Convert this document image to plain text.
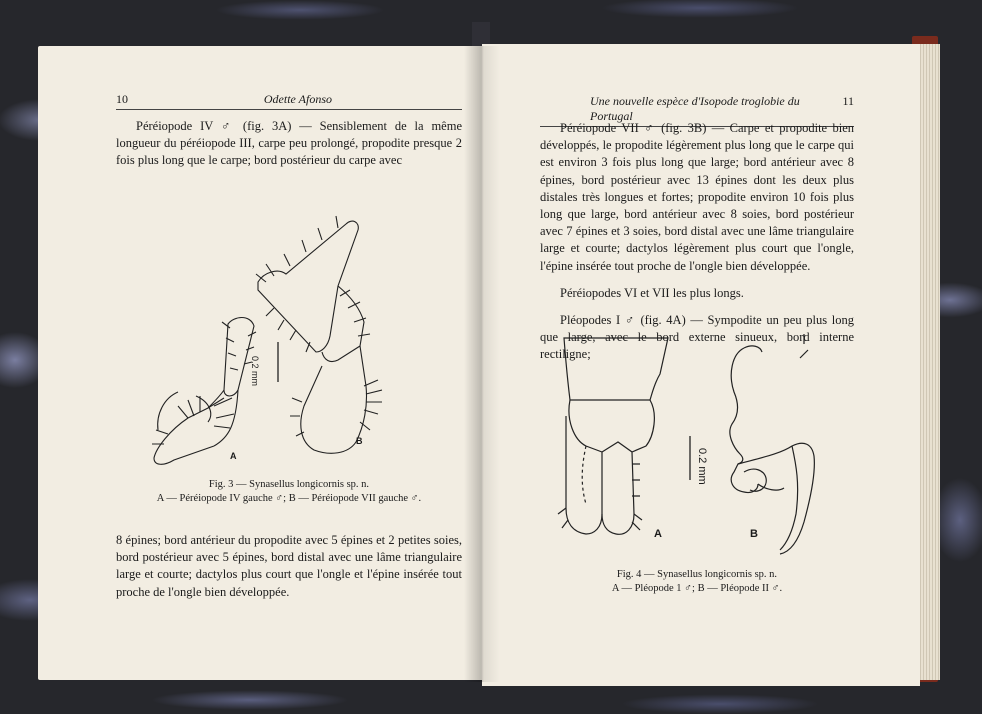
10	Odette Afonso

Péréiopode IV ♂ (fig. 3A) — Sensiblement de la même longueur du péréiopode III, carpe peu prolongé, propodite presque 2 fois plus long que le carpe; bord postérieur du carpe avec

0.2 mm
A
B
Fig. 3 — Synasellus longicornis sp. n.
A — Péréiopode IV gauche ♂; B — Péréiopode VII gauche ♂.

8 épines; bord antérieur du propodite avec 5 épines et 2 petites soies, bord postérieur avec 5 épines, bord distal avec une lâme triangulaire large et courte; dactylos plus court que l'ongle et l'épine insérée tout proche de l'ongle bien développée.

Une nouvelle espèce d'Isopode troglobie du Portugal
11

Péréiopode VII ♂ (fig. 3B) — Carpe et propodite bien développés, le propodite légèrement plus long que le carpe qui est environ 3 fois plus long que large; bord antérieur avec 8 épines, bord postérieur avec 13 épines dont les deux plus distales très longues et fortes; propodite environ 10 fois plus long que large, bord antérieur avec 8 soies, bord postérieur avec 7 épines et 3 soies, bord distal avec une lâme triangulaire large et courte; dactylos légèrement plus court que l'ongle, l'épine insérée tout proche de l'ongle bien développée.

Péréiopodes VI et VII les plus longs.

Pléopodes I ♂ (fig. 4A) — Sympodite un peu plus long que large, avec le bord externe sinueux, bord interne rectiligne;

0.2 mm
A	B
Fig. 4 — Synasellus longicornis sp. n.
A — Pléopode 1 ♂; B — Pléopode II ♂.
